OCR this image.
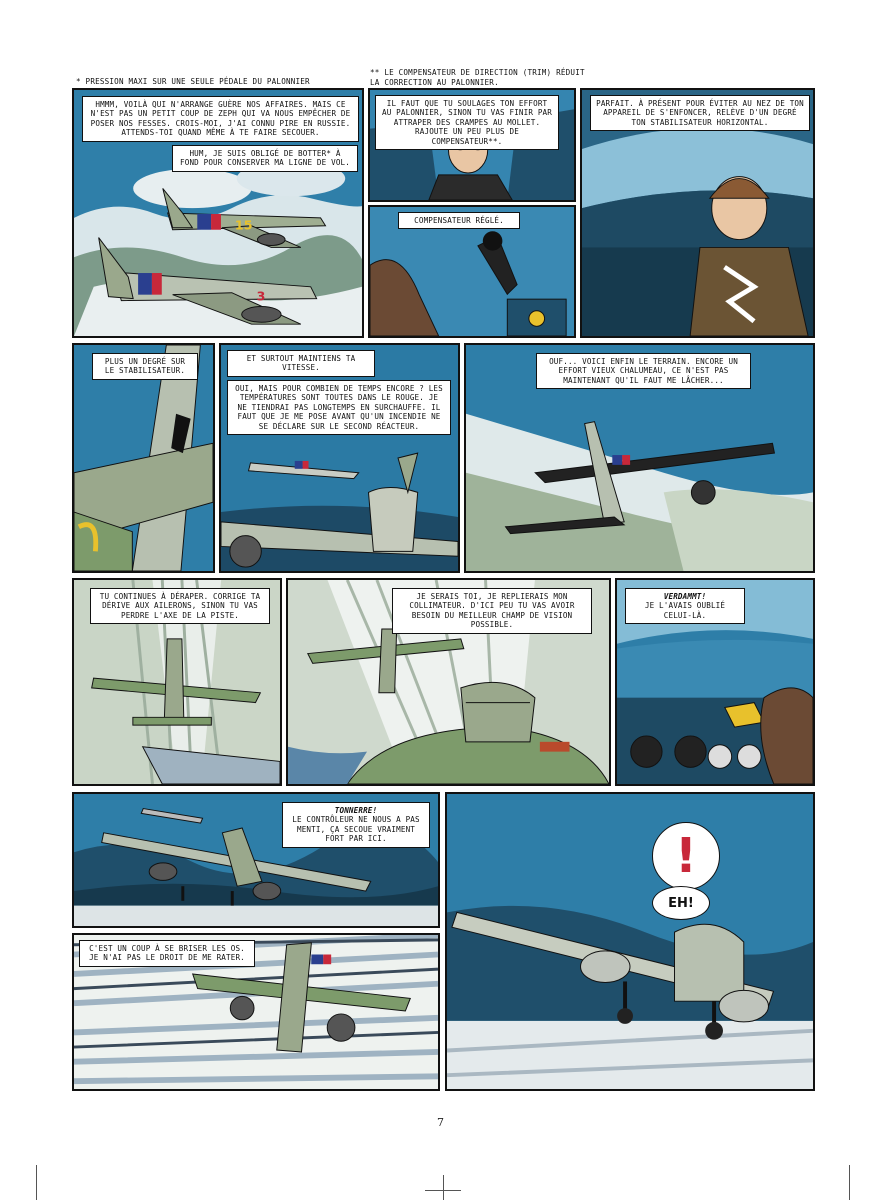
* PRESSION MAXI SUR UNE SEULE PÉDALE DU PALONNIER
** LE COMPENSATEUR DE DIRECTION (TRIM) RÉDUIT
LA CORRECTION AU PALONNIER.
15
3
HMMM, VOILÀ QUI N'ARRANGE GUÈRE NOS AFFAIRES. MAIS CE N'EST PAS UN PETIT COUP DE ZEPH QUI VA NOUS EMPÊCHER DE POSER NOS FESSES. CROIS-MOI, J'AI CONNU PIRE EN RUSSIE. ATTENDS-TOI QUAND MÊME À TE FAIRE SECOUER.
HUM, JE SUIS OBLIGÉ DE BOTTER* À FOND POUR CONSERVER MA LIGNE DE VOL.
IL FAUT QUE TU SOULAGES TON EFFORT AU PALONNIER, SINON TU VAS FINIR PAR ATTRAPER DES CRAMPES AU MOLLET. RAJOUTE UN PEU PLUS DE COMPENSATEUR**.
COMPENSATEUR RÉGLÉ.
PARFAIT. À PRÉSENT POUR ÉVITER AU NEZ DE TON APPAREIL DE S'ENFONCER, RELÈVE D'UN DEGRÉ TON STABILISATEUR HORIZONTAL.
PLUS UN DEGRÉ SUR LE STABILISATEUR.
ET SURTOUT MAINTIENS TA VITESSE.
OUI, MAIS POUR COMBIEN DE TEMPS ENCORE ? LES TEMPÉRATURES SONT TOUTES DANS LE ROUGE. JE NE TIENDRAI PAS LONGTEMPS EN SURCHAUFFE. IL FAUT QUE JE ME POSE AVANT QU'UN INCENDIE NE SE DÉCLARE SUR LE SECOND RÉACTEUR.
OUF... VOICI ENFIN LE TERRAIN. ENCORE UN EFFORT VIEUX CHALUMEAU, CE N'EST PAS MAINTENANT QU'IL FAUT ME LÂCHER...
TU CONTINUES À DÉRAPER. CORRIGE TA DÉRIVE AUX AILERONS, SINON TU VAS PERDRE L'AXE DE LA PISTE.
JE SERAIS TOI, JE REPLIERAIS MON COLLIMATEUR. D'ICI PEU TU VAS AVOIR BESOIN DU MEILLEUR CHAMP DE VISION POSSIBLE.
VERDAMMT!
JE L'AVAIS OUBLIÉ CELUI-LÀ.
TONNERRE!
LE CONTRÔLEUR NE NOUS A PAS MENTI, ÇA SECOUE VRAIMENT FORT PAR ICI.
C'EST UN COUP À SE BRISER LES OS. JE N'AI PAS LE DROIT DE ME RATER.
!
EH!
7
